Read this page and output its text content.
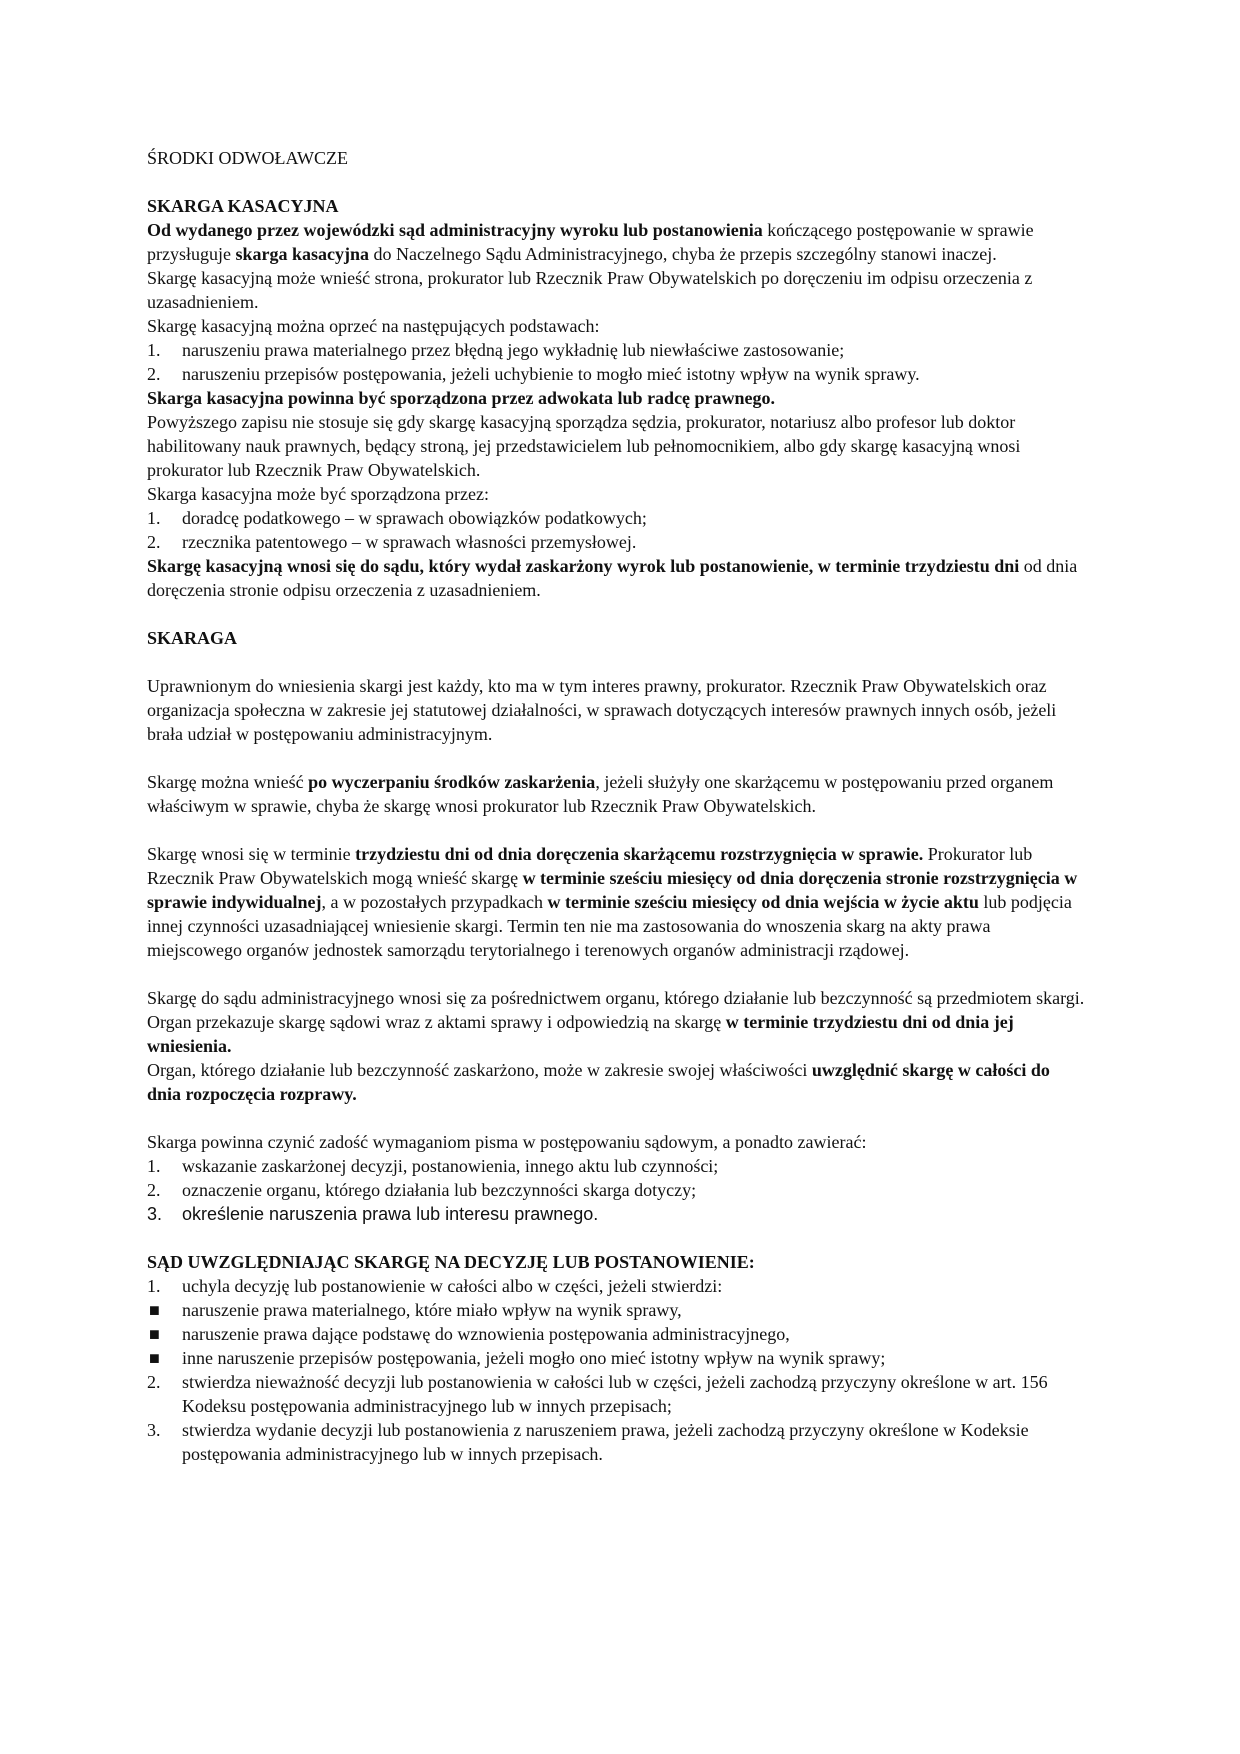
ŚRODKI ODWOŁAWCZE

SKARGA KASACYJNA

Od wydanego przez wojewódzki sąd administracyjny wyroku lub postanowienia kończącego postępowanie w sprawie przysługuje skarga kasacyjna do Naczelnego Sądu Administracyjnego, chyba że przepis szczególny stanowi inaczej.

Skargę kasacyjną może wnieść strona, prokurator lub Rzecznik Praw Obywatelskich po doręczeniu im odpisu orzeczenia z uzasadnieniem.

Skargę kasacyjną można oprzeć na następujących podstawach:

1. naruszeniu prawa materialnego przez błędną jego wykładnię lub niewłaściwe zastosowanie;
2. naruszeniu przepisów postępowania, jeżeli uchybienie to mogło mieć istotny wpływ na wynik sprawy.

Skarga kasacyjna powinna być sporządzona przez adwokata lub radcę prawnego.

Powyższego zapisu nie stosuje się gdy skargę kasacyjną sporządza sędzia, prokurator, notariusz albo profesor lub doktor habilitowany nauk prawnych, będący stroną, jej przedstawicielem lub pełnomocnikiem, albo gdy skargę kasacyjną wnosi prokurator lub Rzecznik Praw Obywatelskich.

Skarga kasacyjna może być sporządzona przez:

1. doradcę podatkowego – w sprawach obowiązków podatkowych;
2. rzecznika patentowego – w sprawach własności przemysłowej.

Skargę kasacyjną wnosi się do sądu, który wydał zaskarżony wyrok lub postanowienie, w terminie trzydziestu dni od dnia doręczenia stronie odpisu orzeczenia z uzasadnieniem.

SKARAGA

Uprawnionym do wniesienia skargi jest każdy, kto ma w tym interes prawny, prokurator. Rzecznik Praw Obywatelskich oraz organizacja społeczna w zakresie jej statutowej działalności, w sprawach dotyczących interesów prawnych innych osób, jeżeli brała udział w postępowaniu administracyjnym.

Skargę można wnieść po wyczerpaniu środków zaskarżenia, jeżeli służyły one skarżącemu w postępowaniu przed organem właściwym w sprawie, chyba że skargę wnosi prokurator lub Rzecznik Praw Obywatelskich.

Skargę wnosi się w terminie trzydziestu dni od dnia doręczenia skarżącemu rozstrzygnięcia w sprawie. Prokurator lub Rzecznik Praw Obywatelskich mogą wnieść skargę w terminie sześciu miesięcy od dnia doręczenia stronie rozstrzygnięcia w sprawie indywidualnej, a w pozostałych przypadkach w terminie sześciu miesięcy od dnia wejścia w życie aktu lub podjęcia innej czynności uzasadniającej wniesienie skargi. Termin ten nie ma zastosowania do wnoszenia skarg na akty prawa miejscowego organów jednostek samorządu terytorialnego i terenowych organów administracji rządowej.

Skargę do sądu administracyjnego wnosi się za pośrednictwem organu, którego działanie lub bezczynność są przedmiotem skargi.

Organ przekazuje skargę sądowi wraz z aktami sprawy i odpowiedzią na skargę w terminie trzydziestu dni od dnia jej wniesienia.

Organ, którego działanie lub bezczynność zaskarżono, może w zakresie swojej właściwości uwzględnić skargę w całości do dnia rozpoczęcia rozprawy.

Skarga powinna czynić zadość wymaganiom pisma w postępowaniu sądowym, a ponadto zawierać:

1. wskazanie zaskarżonej decyzji, postanowienia, innego aktu lub czynności;
2. oznaczenie organu, którego działania lub bezczynności skarga dotyczy;
3. określenie naruszenia prawa lub interesu prawnego.

SĄD UWZGLĘDNIAJĄC SKARGĘ NA DECYZJĘ LUB POSTANOWIENIE:

1. uchyla decyzję lub postanowienie w całości albo w części, jeżeli stwierdzi:
■ naruszenie prawa materialnego, które miało wpływ na wynik sprawy,
■ naruszenie prawa dające podstawę do wznowienia postępowania administracyjnego,
■ inne naruszenie przepisów postępowania, jeżeli mogło ono mieć istotny wpływ na wynik sprawy;
2. stwierdza nieważność decyzji lub postanowienia w całości lub w części, jeżeli zachodzą przyczyny określone w art. 156 Kodeksu postępowania administracyjnego lub w innych przepisach;
3. stwierdza wydanie decyzji lub postanowienia z naruszeniem prawa, jeżeli zachodzą przyczyny określone w Kodeksie postępowania administracyjnego lub w innych przepisach.
